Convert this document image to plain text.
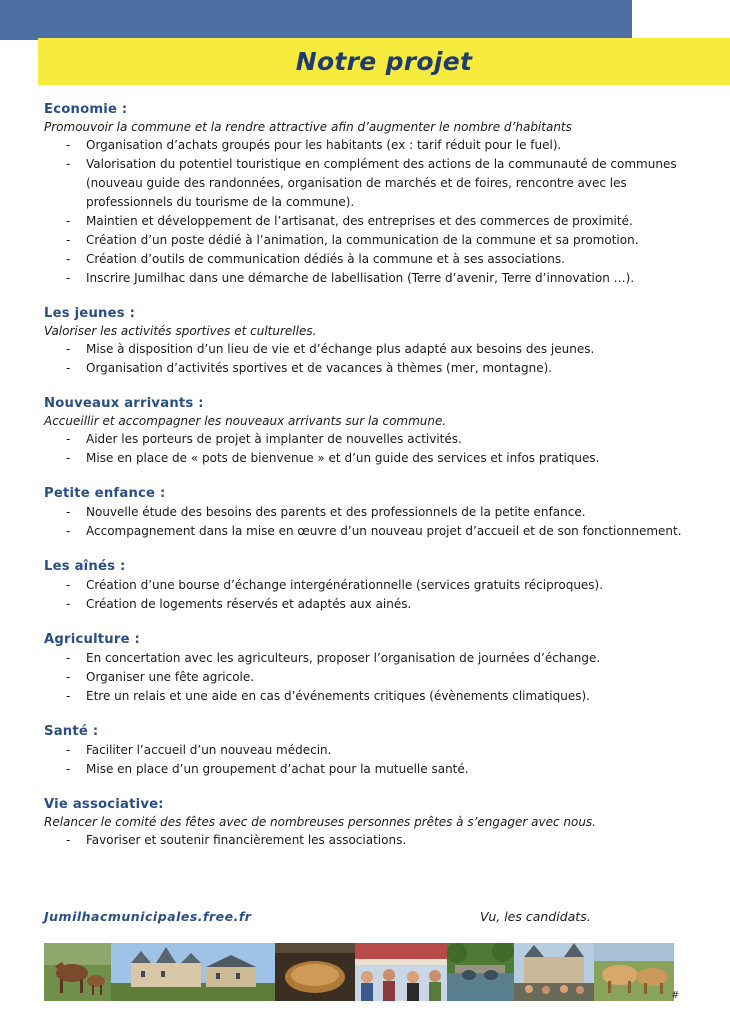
Notre projet
Economie :
Promouvoir la commune et la rendre attractive afin d’augmenter le nombre d’habitants
- Organisation d’achats groupés pour les habitants (ex : tarif réduit pour le fuel).
- Valorisation du potentiel touristique en complément des actions de la communauté de communes (nouveau guide des randonnées, organisation de marchés et de foires, rencontre avec les professionnels du tourisme de la commune).
- Maintien et développement de l’artisanat, des entreprises et des commerces de proximité.
- Création d’un poste dédié à l’animation, la communication de la commune et sa promotion.
- Création d’outils de communication dédiés à la commune et à ses associations.
- Inscrire Jumilhac dans une démarche de labellisation (Terre d’avenir, Terre d’innovation …).
Les jeunes :
Valoriser les activités sportives et culturelles.
- Mise à disposition d’un lieu de vie et d’échange plus adapté aux besoins des jeunes.
- Organisation d’activités sportives et de vacances à thèmes (mer, montagne).
Nouveaux arrivants :
Accueillir et accompagner les nouveaux arrivants sur la commune.
- Aider les porteurs de projet à implanter de nouvelles activités.
- Mise en place de « pots de bienvenue » et d’un guide des services et infos pratiques.
Petite enfance :
- Nouvelle étude des besoins des parents et des professionnels de la petite enfance.
- Accompagnement dans la mise en œuvre d’un nouveau projet d’accueil et de son fonctionnement.
Les aînés :
- Création d’une bourse d’échange intergénérationnelle (services gratuits réciproques).
- Création de logements réservés et adaptés aux ainés.
Agriculture :
- En concertation avec les agriculteurs, proposer l’organisation de journées d’échange.
- Organiser une fête agricole.
- Etre un relais et une aide en cas d’événements critiques (évènements climatiques).
Santé :
- Faciliter l’accueil d’un nouveau médecin.
- Mise en place d’un groupement d’achat pour la mutuelle santé.
Vie associative:
Relancer le comité des fêtes avec de nombreuses personnes prêtes à s’engager avec nous.
- Favoriser et soutenir financièrement les associations.
Jumilhacmunicipales.free.fr	Vu, les candidats.
#
